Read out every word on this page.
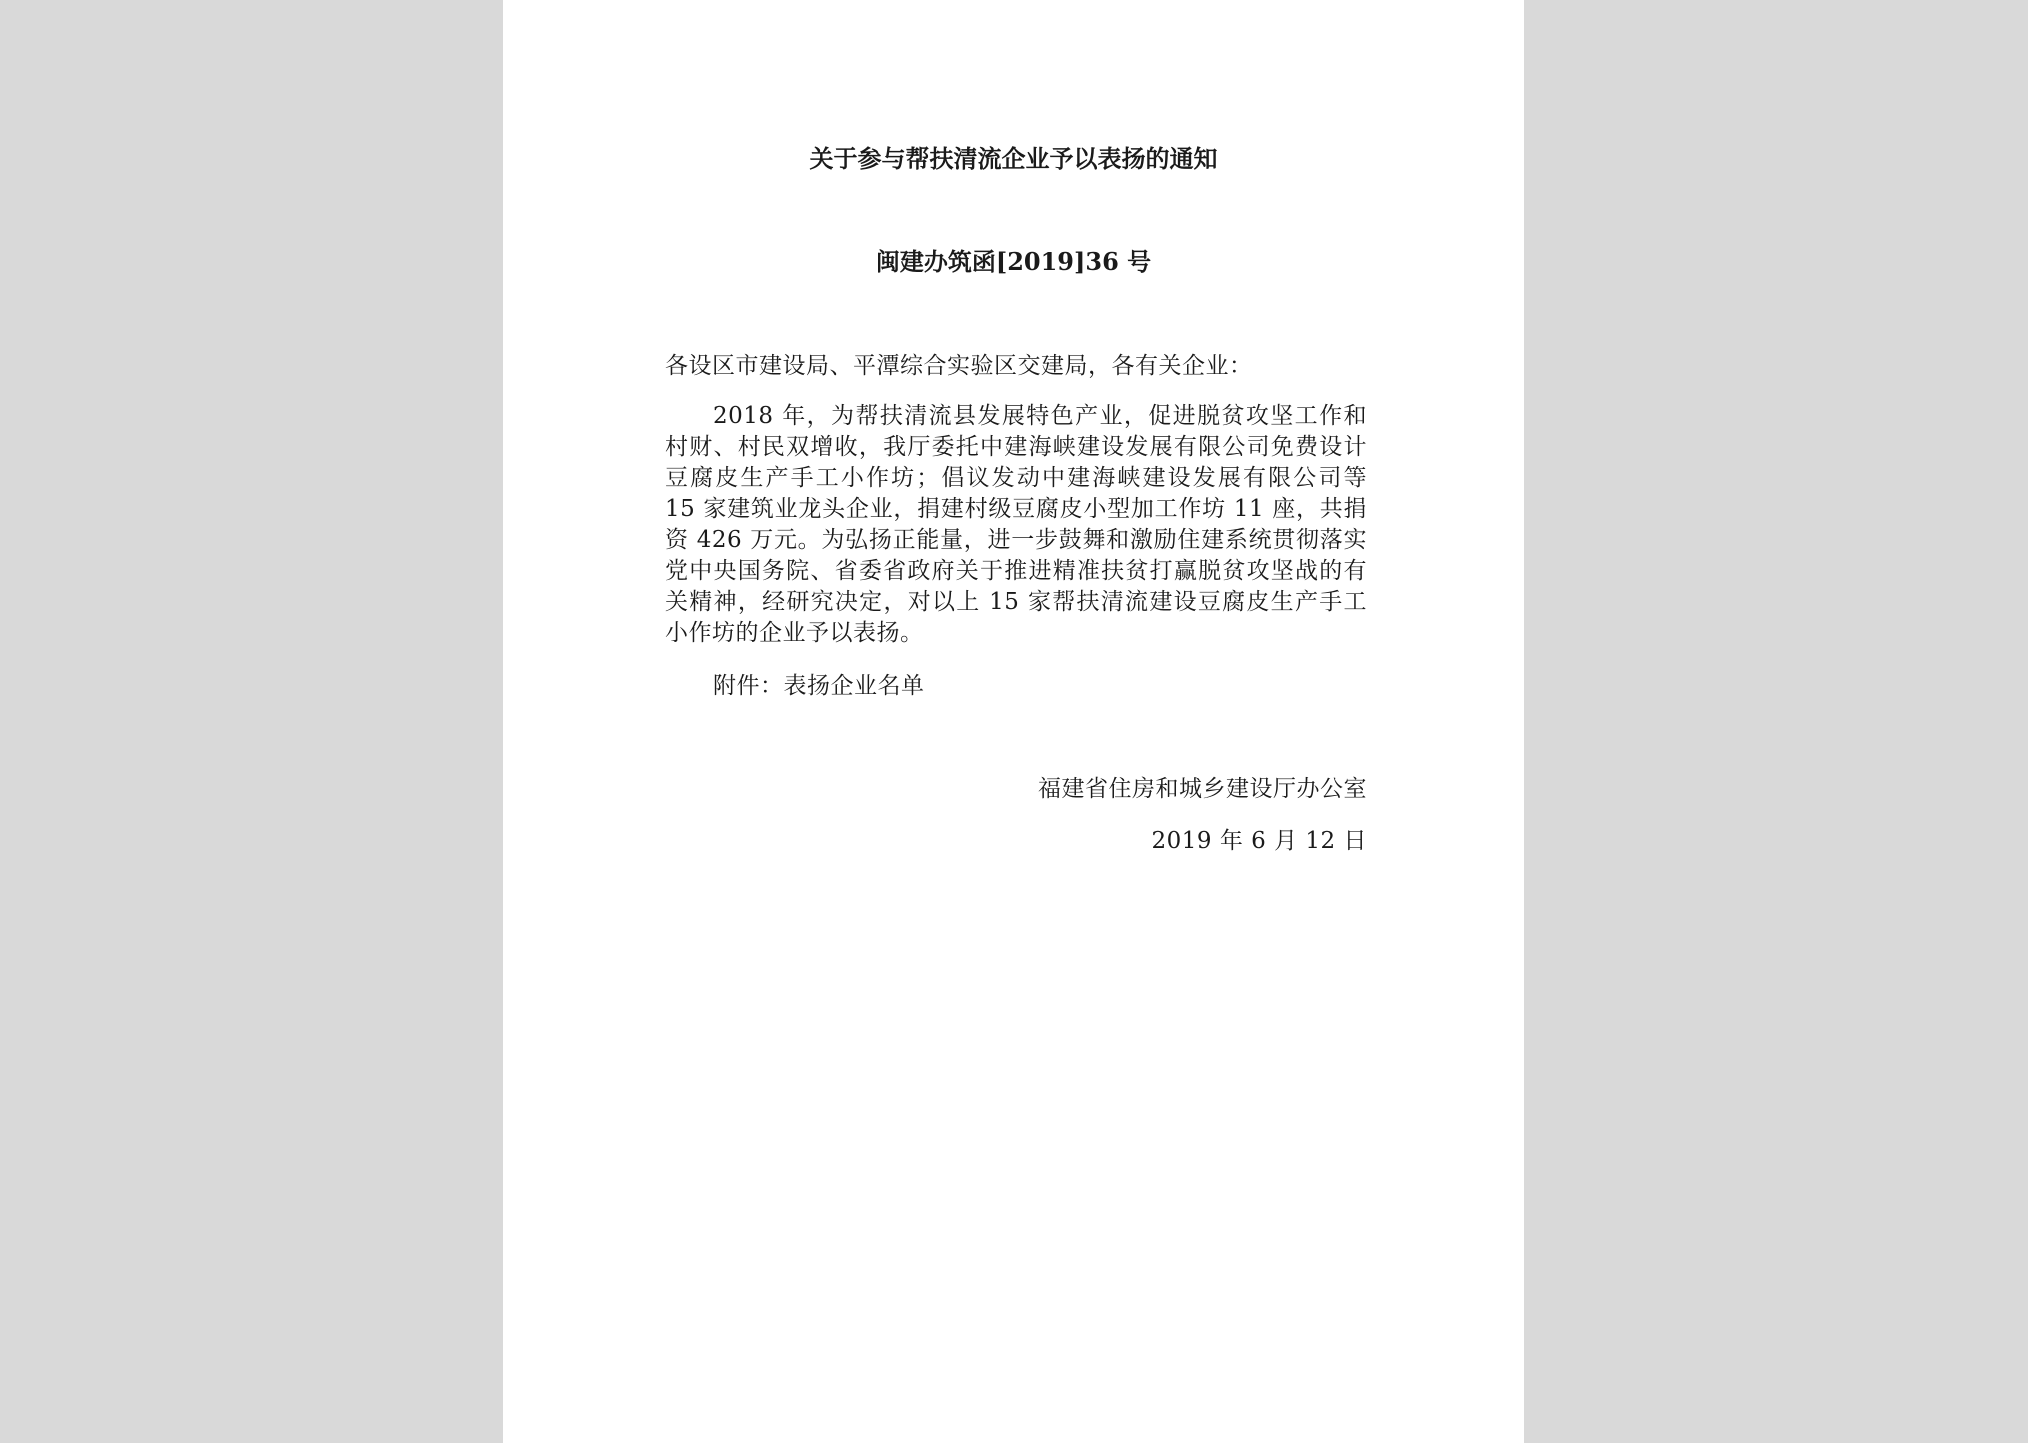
关于参与帮扶清流企业予以表扬的通知
闽建办筑函[2019]36 号
各设区市建设局、平潭综合实验区交建局，各有关企业：
2018 年，为帮扶清流县发展特色产业，促进脱贫攻坚工作和
村财、村民双增收，我厅委托中建海峡建设发展有限公司免费设计
豆腐皮生产手工小作坊；倡议发动中建海峡建设发展有限公司等
15 家建筑业龙头企业，捐建村级豆腐皮小型加工作坊 11 座，共捐
资 426 万元。为弘扬正能量，进一步鼓舞和激励住建系统贯彻落实
党中央国务院、省委省政府关于推进精准扶贫打赢脱贫攻坚战的有
关精神，经研究决定，对以上 15 家帮扶清流建设豆腐皮生产手工
小作坊的企业予以表扬。
附件：表扬企业名单
福建省住房和城乡建设厅办公室
2019 年 6 月 12 日
